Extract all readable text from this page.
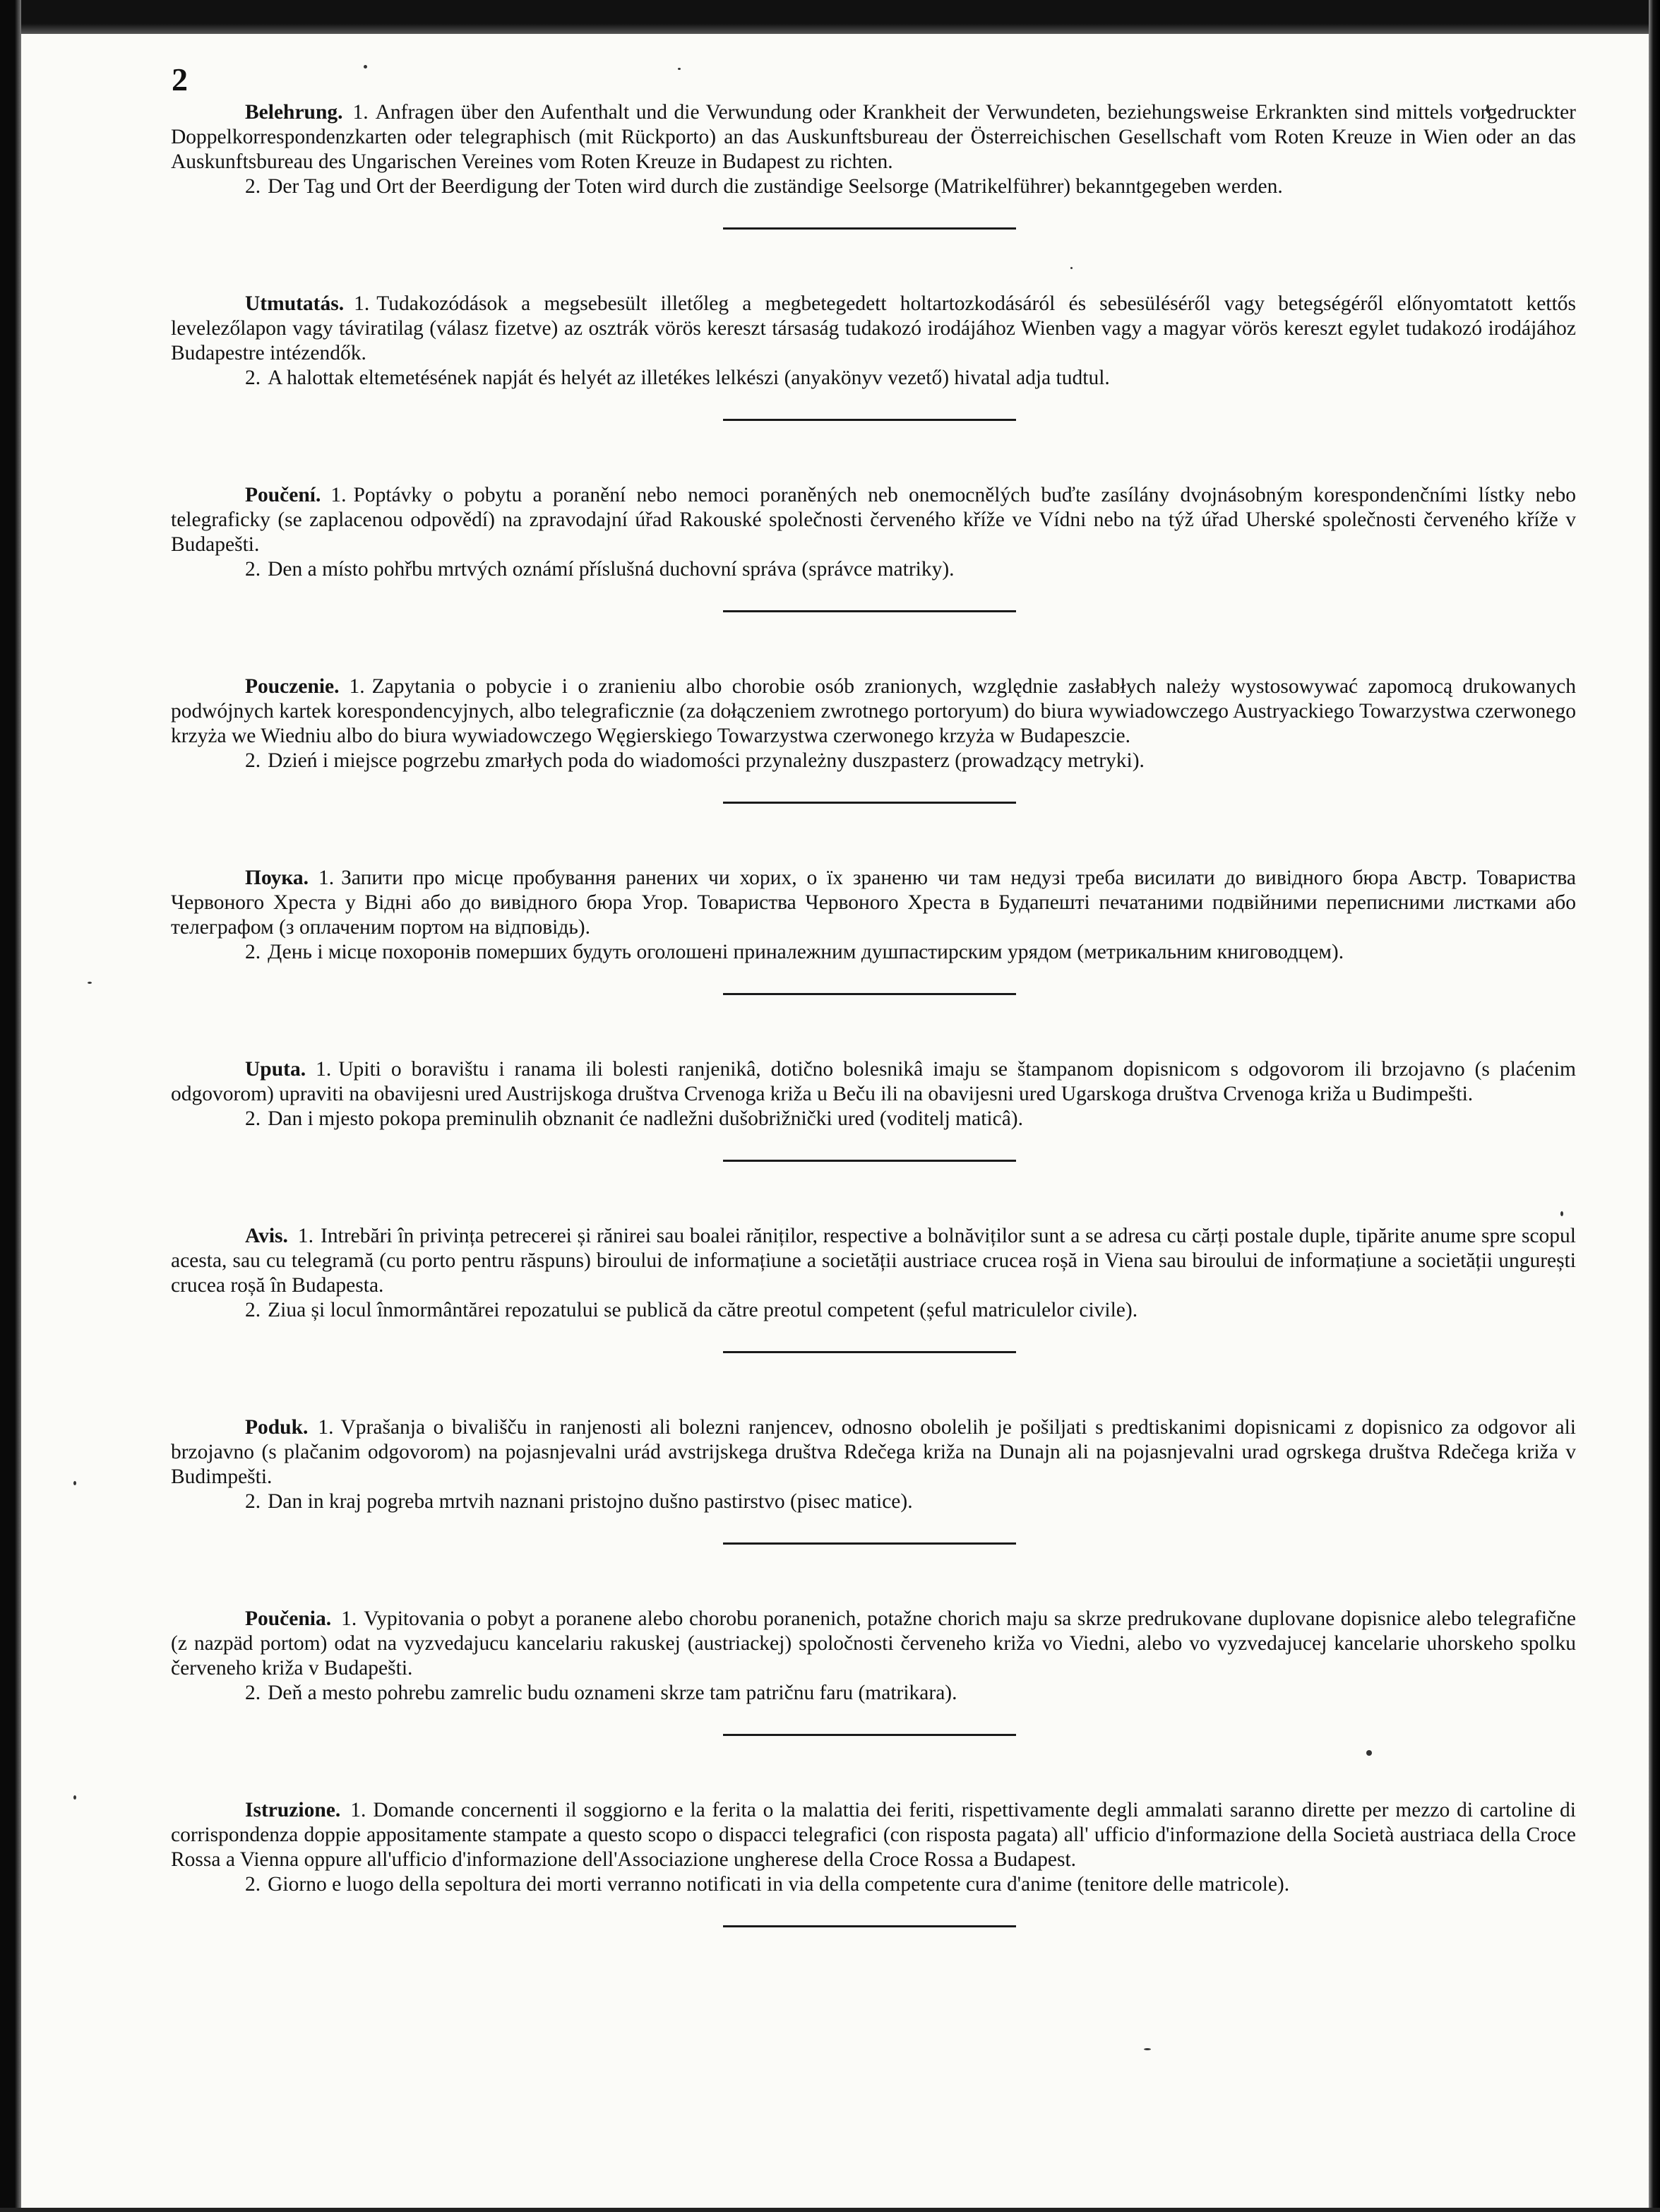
2

Belehrung. 1. Anfragen über den Aufenthalt und die Verwundung oder Krankheit der Verwundeten, beziehungsweise Erkrankten sind mittels vorgedruckter Doppelkorrespondenzkarten oder telegraphisch (mit Rückporto) an das Auskunftsbureau der Österreichischen Gesellschaft vom Roten Kreuze in Wien oder an das Auskunftsbureau des Ungarischen Vereines vom Roten Kreuze in Budapest zu richten.

2. Der Tag und Ort der Beerdigung der Toten wird durch die zuständige Seelsorge (Matrikelführer) bekanntgegeben werden.

Utmutatás. 1. Tudakozódások a megsebesült illetőleg a megbetegedett holtartozkodásáról és sebesüléséről vagy betegségéről előnyomtatott kettős levelezőlapon vagy táviratilag (válasz fizetve) az osztrák vörös kereszt társaság tudakozó irodájához Wienben vagy a magyar vörös kereszt egylet tudakozó irodájához Budapestre intézendők.

2. A halottak eltemetésének napját és helyét az illetékes lelkészi (anyakönyv vezető) hivatal adja tudtul.

Poučení. 1. Poptávky o pobytu a poranění nebo nemoci poraněných neb onemocnělých buďte zasílány dvojnásobným korespondenčními lístky nebo telegraficky (se zaplacenou odpovědí) na zpravodajní úřad Rakouské společnosti červeného kříže ve Vídni nebo na týž úřad Uherské společnosti červeného kříže v Budapešti.

2. Den a místo pohřbu mrtvých oznámí příslušná duchovní správa (správce matriky).

Pouczenie. 1. Zapytania o pobycie i o zranieniu albo chorobie osób zranionych, względnie zasłabłych należy wystosowywać zapomocą drukowanych podwójnych kartek korespondencyjnych, albo telegraficznie (za dołączeniem zwrotnego portoryum) do biura wywiadowczego Austryackiego Towarzystwa czerwonego krzyża we Wiedniu albo do biura wywiadowczego Węgierskiego Towarzystwa czerwonego krzyża w Budapeszcie.

2. Dzień i miejsce pogrzebu zmarłych poda do wiadomości przynależny duszpasterz (prowadzący metryki).

Поука. 1. Запити про місце пробування ранених чи хорих, о їх зраненю чи там недузі треба висилати до вивідного бюра Австр. Товариства Червоного Хреста у Відні або до вивідного бюра Угор. Товариства Червоного Хреста в Будапешті печатаними подвійними переписними листками або телеграфом (з оплаченим портом на відповідь).

2. День і місце похоронів померших будуть оголошені приналежним душпастирским урядом (метрикальним книговодцем).

Uputa. 1. Upiti o boravištu i ranama ili bolesti ranjenikâ, dotično bolesnikâ imaju se štampanom dopisnicom s odgovorom ili brzojavno (s plaćenim odgovorom) upraviti na obavijesni ured Austrijskoga društva Crvenoga križa u Beču ili na obavijesni ured Ugarskoga društva Crvenoga križa u Budimpešti.

2. Dan i mjesto pokopa preminulih obznanit će nadležni dušobrižnički ured (voditelj maticâ).

Avis. 1. Intrebări în privința petrecerei și rănirei sau boalei răniților, respective a bolnăviților sunt a se adresa cu cărți postale duple, tipărite anume spre scopul acesta, sau cu telegramă (cu porto pentru răspuns) biroului de informațiune a societății austriace crucea roșă in Viena sau biroului de informațiune a societății ungurești crucea roșă în Budapesta.

2. Ziua și locul înmormântărei repozatului se publică da către preotul competent (șeful matriculelor civile).

Poduk. 1. Vprašanja o bivališču in ranjenosti ali bolezni ranjencev, odnosno obolelih je pošiljati s predtiskanimi dopisnicami z dopisnico za odgovor ali brzojavno (s plačanim odgovorom) na pojasnjevalni urád avstrijskega društva Rdečega križa na Dunajn ali na pojasnjevalni urad ogrskega društva Rdečega križa v Budimpešti.

2. Dan in kraj pogreba mrtvih naznani pristojno dušno pastirstvo (pisec matice).

Poučenia. 1. Vypitovania o pobyt a poranene alebo chorobu poranenich, potažne chorich maju sa skrze predrukovane duplovane dopisnice alebo telegrafične (z nazpäd portom) odat na vyzvedajucu kancelariu rakuskej (austriackej) spoločnosti červeneho križa vo Viedni, alebo vo vyzvedajucej kancelarie uhorskeho spolku červeneho križa v Budapešti.

2. Deň a mesto pohrebu zamrelic budu oznameni skrze tam patričnu faru (matrikara).

Istruzione. 1. Domande concernenti il soggiorno e la ferita o la malattia dei feriti, rispettivamente degli ammalati saranno dirette per mezzo di cartoline di corrispondenza doppie appositamente stampate a questo scopo o dispacci telegrafici (con risposta pagata) all' ufficio d'informazione della Società austriaca della Croce Rossa a Vienna oppure all'ufficio d'informazione dell'Associazione ungherese della Croce Rossa a Budapest.

2. Giorno e luogo della sepoltura dei morti verranno notificati in via della competente cura d'anime (tenitore delle matricole).
